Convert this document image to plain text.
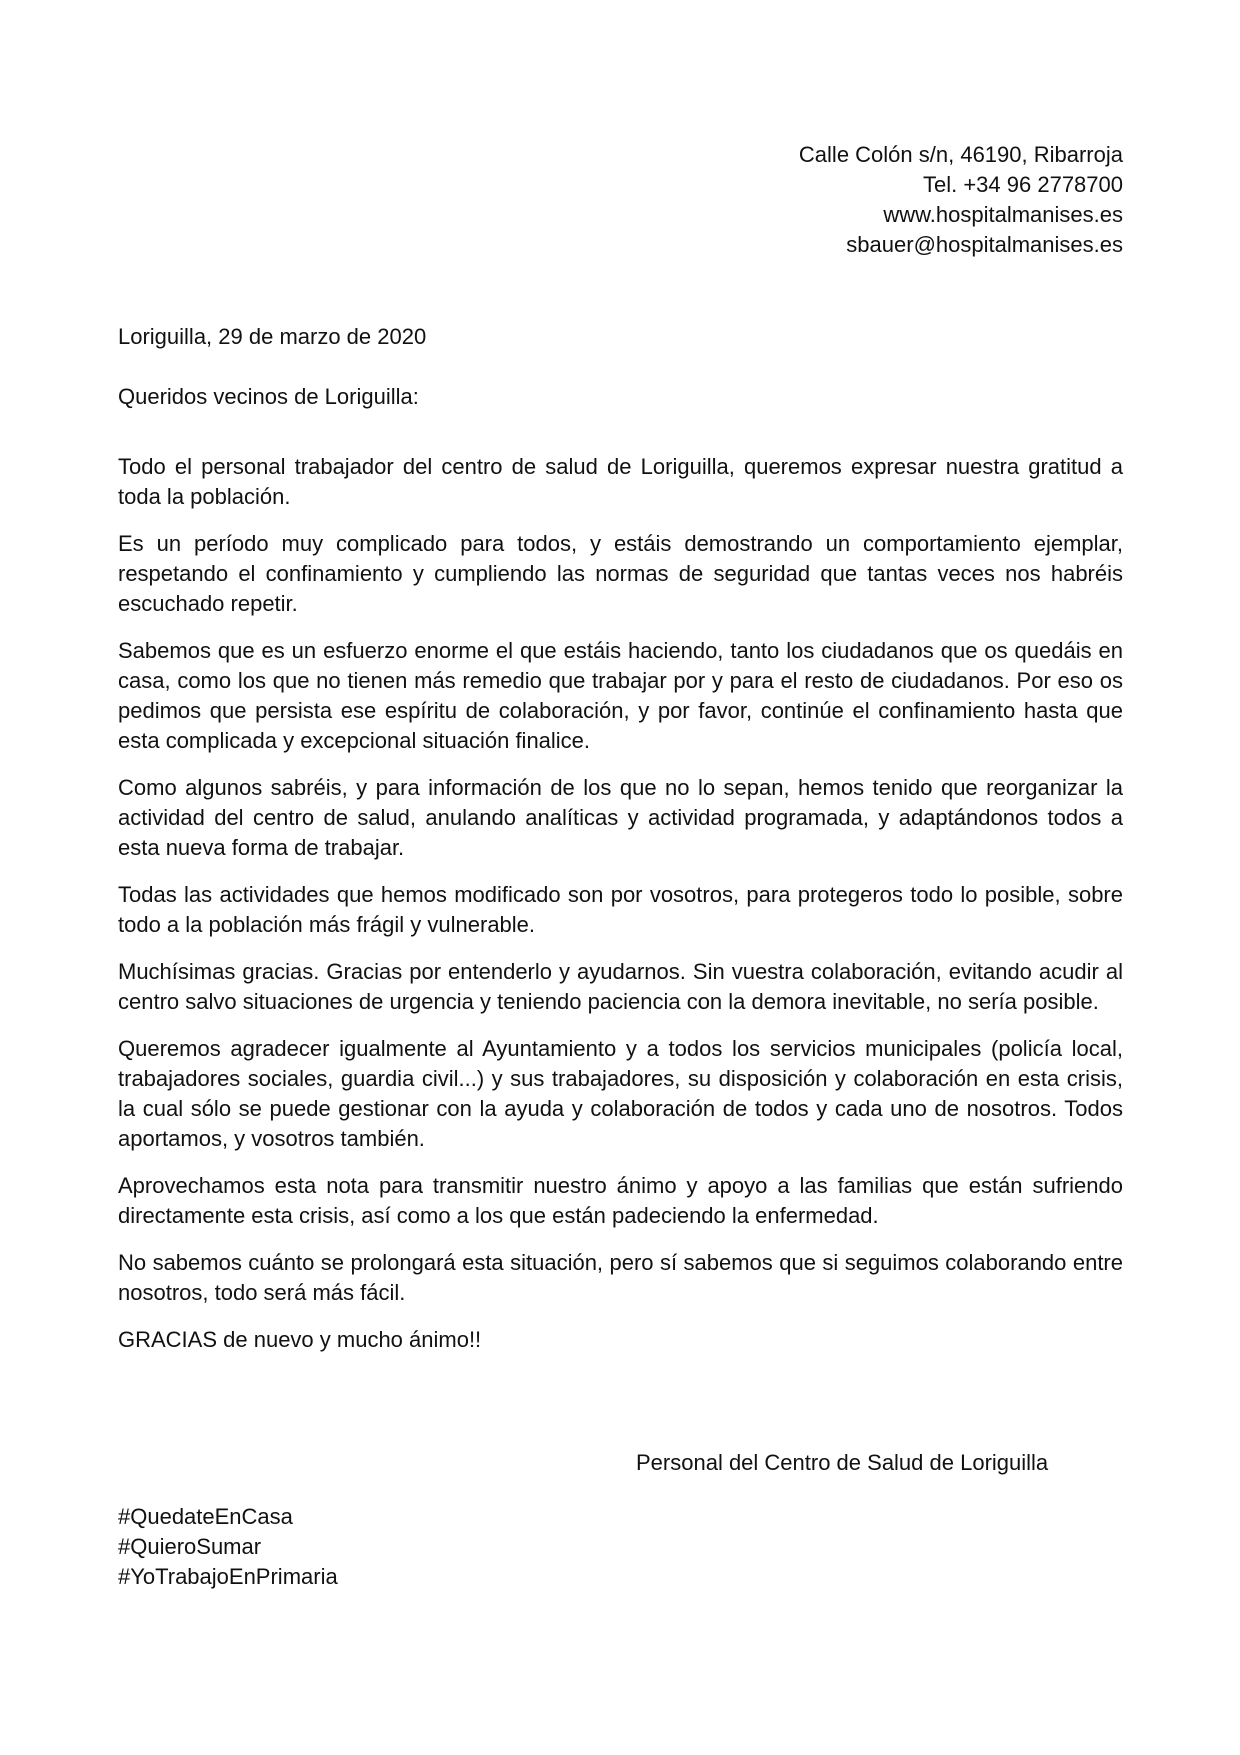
Calle Colón s/n, 46190, Ribarroja
Tel. +34 96 2778700
www.hospitalmanises.es
sbauer@hospitalmanises.es

Loriguilla, 29 de marzo de 2020

Queridos vecinos de Loriguilla:

Todo el personal trabajador del centro de salud de Loriguilla, queremos expresar nuestra gratitud a toda la población.

Es un período muy complicado para todos, y estáis demostrando un comportamiento ejemplar, respetando el confinamiento y cumpliendo las normas de seguridad que tantas veces nos habréis escuchado repetir.

Sabemos que es un esfuerzo enorme el que estáis haciendo, tanto los ciudadanos que os quedáis en casa, como los que no tienen más remedio que trabajar por y para el resto de ciudadanos. Por eso os pedimos que persista ese espíritu de colaboración, y por favor, continúe el confinamiento hasta que esta complicada y excepcional situación finalice.

Como algunos sabréis, y para información de los que no lo sepan, hemos tenido que reorganizar la actividad del centro de salud, anulando analíticas y actividad programada, y adaptándonos todos a esta nueva forma de trabajar.

Todas las actividades que hemos modificado son por vosotros, para protegeros todo lo posible, sobre todo a la población más frágil y vulnerable.

Muchísimas gracias. Gracias por entenderlo y ayudarnos. Sin vuestra colaboración, evitando acudir al centro salvo situaciones de urgencia y teniendo paciencia con la demora inevitable, no sería posible.

Queremos agradecer igualmente al Ayuntamiento y a todos los servicios municipales (policía local, trabajadores sociales, guardia civil...) y sus trabajadores, su disposición y colaboración en esta crisis, la cual sólo se puede gestionar con la ayuda y colaboración de todos y cada uno de nosotros. Todos aportamos, y vosotros también.

Aprovechamos esta nota para transmitir nuestro ánimo y apoyo a las familias que están sufriendo directamente esta crisis, así como a los que están padeciendo la enfermedad.

No sabemos cuánto se prolongará esta situación, pero sí sabemos que si seguimos colaborando entre nosotros, todo será más fácil.

GRACIAS de nuevo y mucho ánimo!!

Personal del Centro de Salud de Loriguilla
#QuedateEnCasa
#QuieroSumar
#YoTrabajoEnPrimaria
